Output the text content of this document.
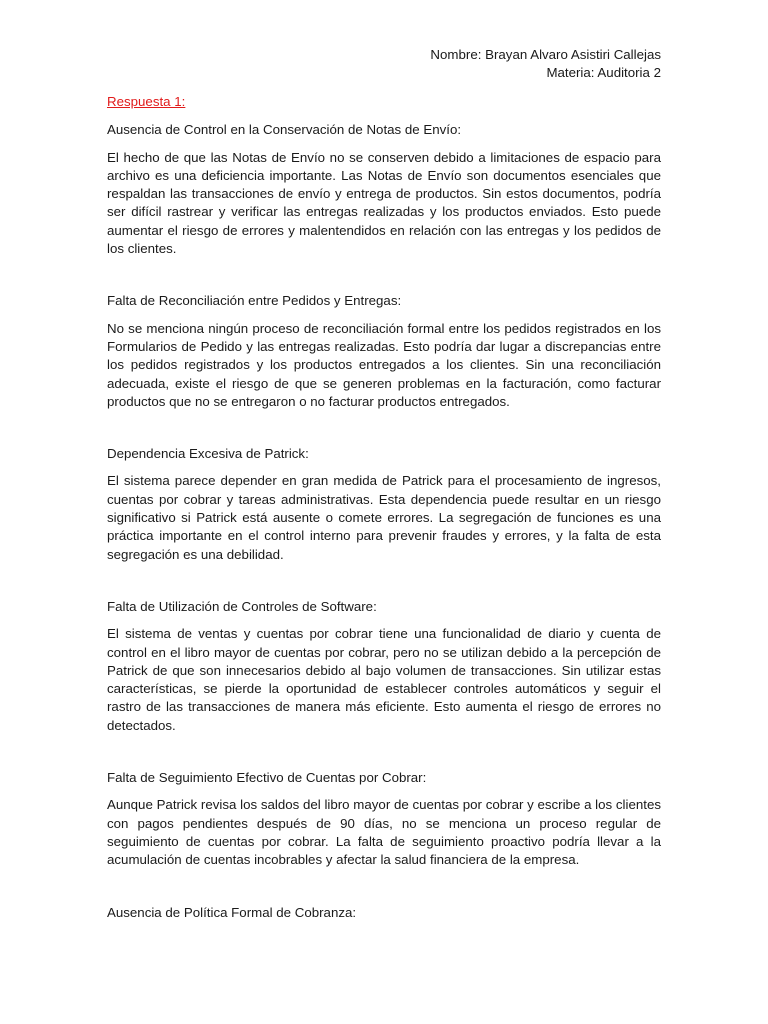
Nombre: Brayan Alvaro Asistiri Callejas
Materia: Auditoria 2
Respuesta 1:
Ausencia de Control en la Conservación de Notas de Envío:
El hecho de que las Notas de Envío no se conserven debido a limitaciones de espacio para archivo es una deficiencia importante. Las Notas de Envío son documentos esenciales que respaldan las transacciones de envío y entrega de productos. Sin estos documentos, podría ser difícil rastrear y verificar las entregas realizadas y los productos enviados. Esto puede aumentar el riesgo de errores y malentendidos en relación con las entregas y los pedidos de los clientes.
Falta de Reconciliación entre Pedidos y Entregas:
No se menciona ningún proceso de reconciliación formal entre los pedidos registrados en los Formularios de Pedido y las entregas realizadas. Esto podría dar lugar a discrepancias entre los pedidos registrados y los productos entregados a los clientes. Sin una reconciliación adecuada, existe el riesgo de que se generen problemas en la facturación, como facturar productos que no se entregaron o no facturar productos entregados.
Dependencia Excesiva de Patrick:
El sistema parece depender en gran medida de Patrick para el procesamiento de ingresos, cuentas por cobrar y tareas administrativas. Esta dependencia puede resultar en un riesgo significativo si Patrick está ausente o comete errores. La segregación de funciones es una práctica importante en el control interno para prevenir fraudes y errores, y la falta de esta segregación es una debilidad.
Falta de Utilización de Controles de Software:
El sistema de ventas y cuentas por cobrar tiene una funcionalidad de diario y cuenta de control en el libro mayor de cuentas por cobrar, pero no se utilizan debido a la percepción de Patrick de que son innecesarios debido al bajo volumen de transacciones. Sin utilizar estas características, se pierde la oportunidad de establecer controles automáticos y seguir el rastro de las transacciones de manera más eficiente. Esto aumenta el riesgo de errores no detectados.
Falta de Seguimiento Efectivo de Cuentas por Cobrar:
Aunque Patrick revisa los saldos del libro mayor de cuentas por cobrar y escribe a los clientes con pagos pendientes después de 90 días, no se menciona un proceso regular de seguimiento de cuentas por cobrar. La falta de seguimiento proactivo podría llevar a la acumulación de cuentas incobrables y afectar la salud financiera de la empresa.
Ausencia de Política Formal de Cobranza:
